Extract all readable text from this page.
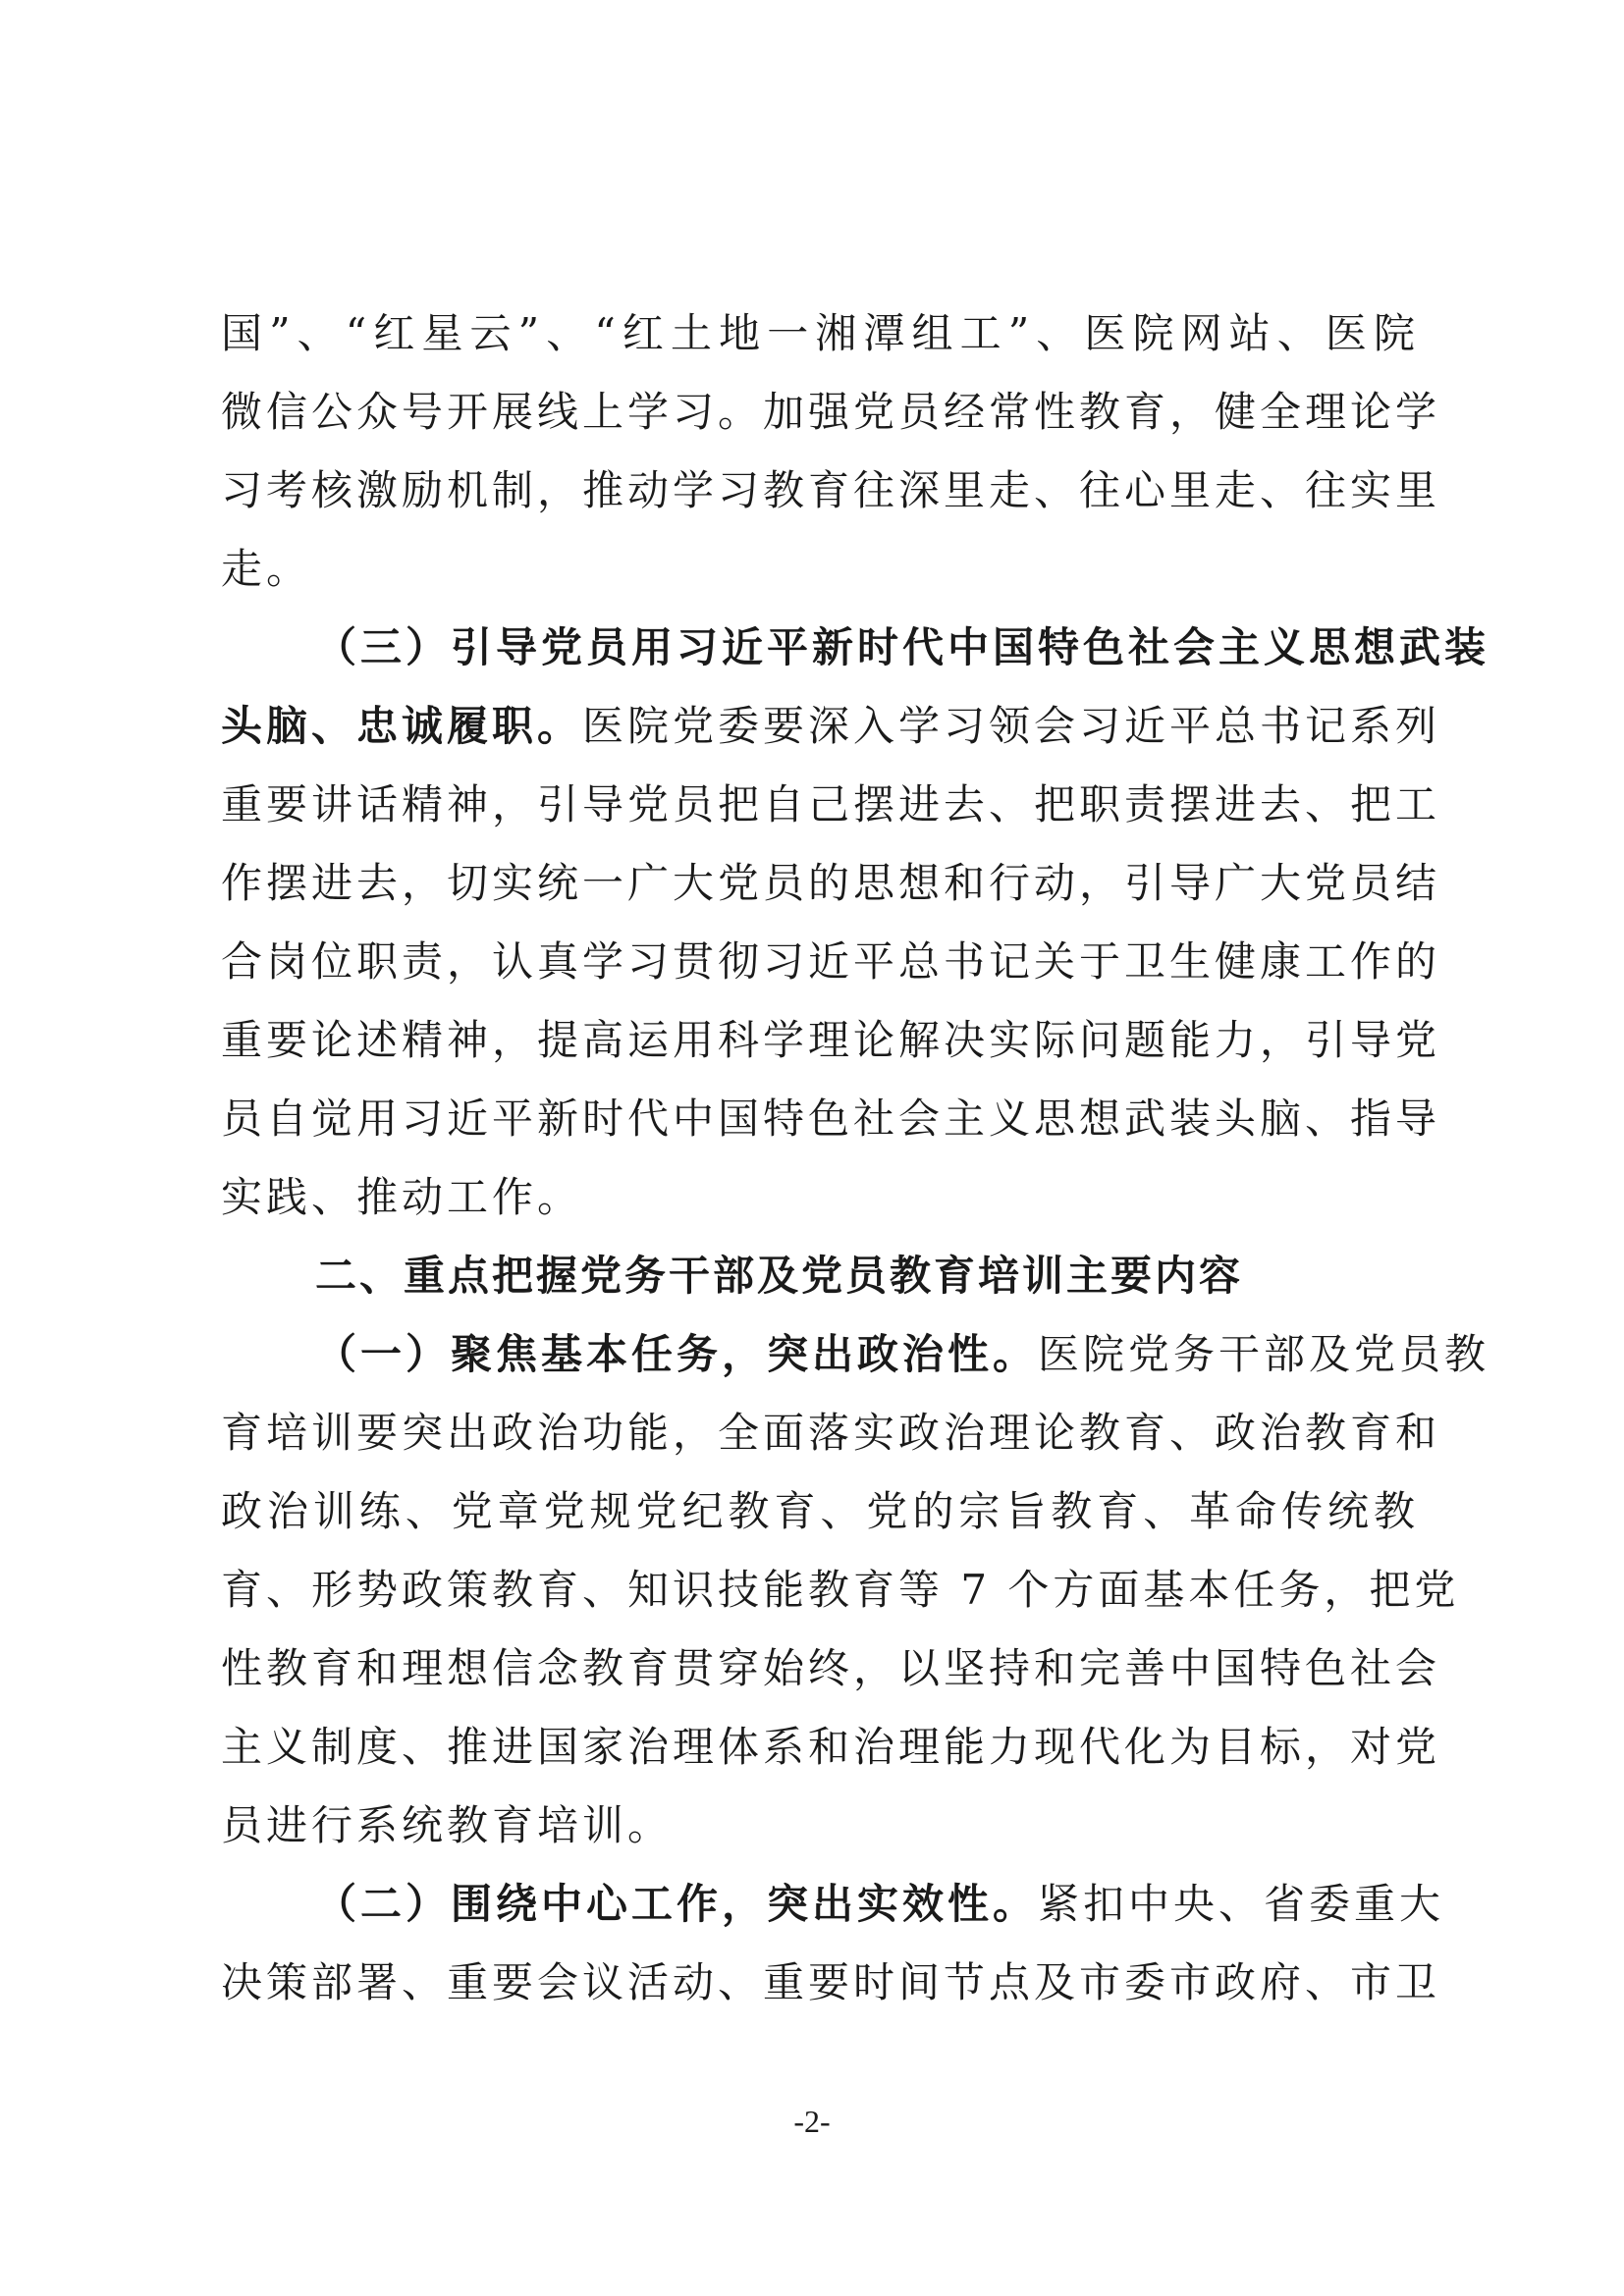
国”、“红星云”、“红土地一湘潭组工”、医院网站、医院
微信公众号开展线上学习。加强党员经常性教育，健全理论学
习考核激励机制，推动学习教育往深里走、往心里走、往实里
走。
（三）引导党员用习近平新时代中国特色社会主义思想武装
头脑、忠诚履职。医院党委要深入学习领会习近平总书记系列
重要讲话精神，引导党员把自己摆进去、把职责摆进去、把工
作摆进去，切实统一广大党员的思想和行动，引导广大党员结
合岗位职责，认真学习贯彻习近平总书记关于卫生健康工作的
重要论述精神，提高运用科学理论解决实际问题能力，引导党
员自觉用习近平新时代中国特色社会主义思想武装头脑、指导
实践、推动工作。
二、重点把握党务干部及党员教育培训主要内容
（一）聚焦基本任务，突出政治性。医院党务干部及党员教
育培训要突出政治功能，全面落实政治理论教育、政治教育和
政治训练、党章党规党纪教育、党的宗旨教育、革命传统教
育、形势政策教育、知识技能教育等 7 个方面基本任务，把党
性教育和理想信念教育贯穿始终，以坚持和完善中国特色社会
主义制度、推进国家治理体系和治理能力现代化为目标，对党
员进行系统教育培训。
（二）围绕中心工作，突出实效性。紧扣中央、省委重大
决策部署、重要会议活动、重要时间节点及市委市政府、市卫
-2-
